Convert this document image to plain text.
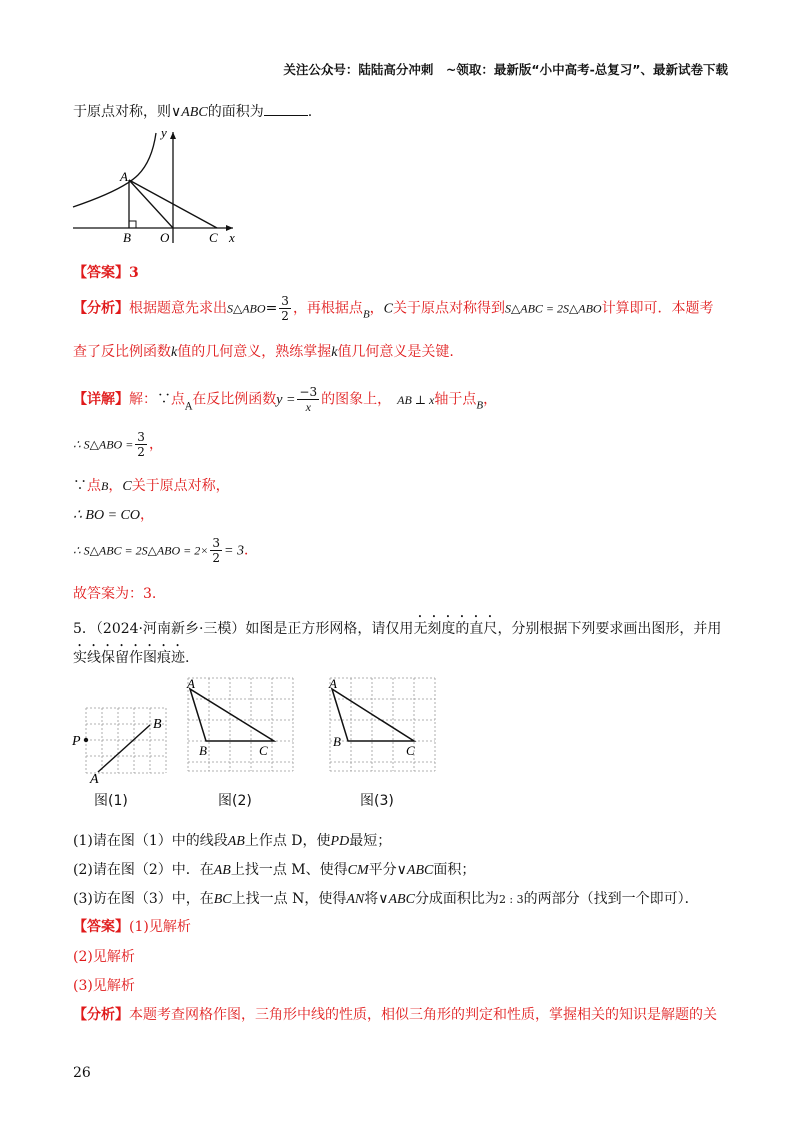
关注公众号：陆陆高分冲刺　~领取：最新版“小中高考-总复习”、最新试卷下载
于原点对称，则∨ABC的面积为	.
y
A
B O	C x
【答案】3
【分析】根据题意先求出S△ABO= $\frac{3}{2}$ ，再根据点$_B$，C关于原点对称得到S△ABC = 2S△ABO计算即可．本题考
查了反比例函数k值的几何意义，熟练掌握k值几何意义是关键.
【详解】解：∵点$_A$在反比例函数$y = \frac{-3}{x}$ 的图象上， AB ⊥ x轴于点$_B$，
∴ S△ABO = $\frac{3}{2}$ ，
∵点B，C关于原点对称，
∴ BO = CO，
∴ S△ABC = 2S△ABO = $2\times \frac{3}{2} = 3$．
故答案为：3.
5．（2024·河南新乡·三模）如图是正方形网格，请仅用无刻度的直尺，分别根据下列要求画出图形，并用
实线保留作图痕迹.
P
A
B
A
B	C
A
B
C
图(1)	图(2)	图(3)
(1)请在图（1）中的线段AB上作点 D，使PD最短；
(2)请在图（2）中．在AB上找一点 M、使得CM平分∨ABC面积；
(3)访在图（3）中，在BC上找一点 N，使得AN将∨ABC分成面积比为2 : 3的两部分（找到一个即可）．
【答案】(1)见解析
(2)见解析
(3)见解析
【分析】本题考查网格作图，三角形中线的性质，相似三角形的判定和性质，掌握相关的知识是解题的关
26
